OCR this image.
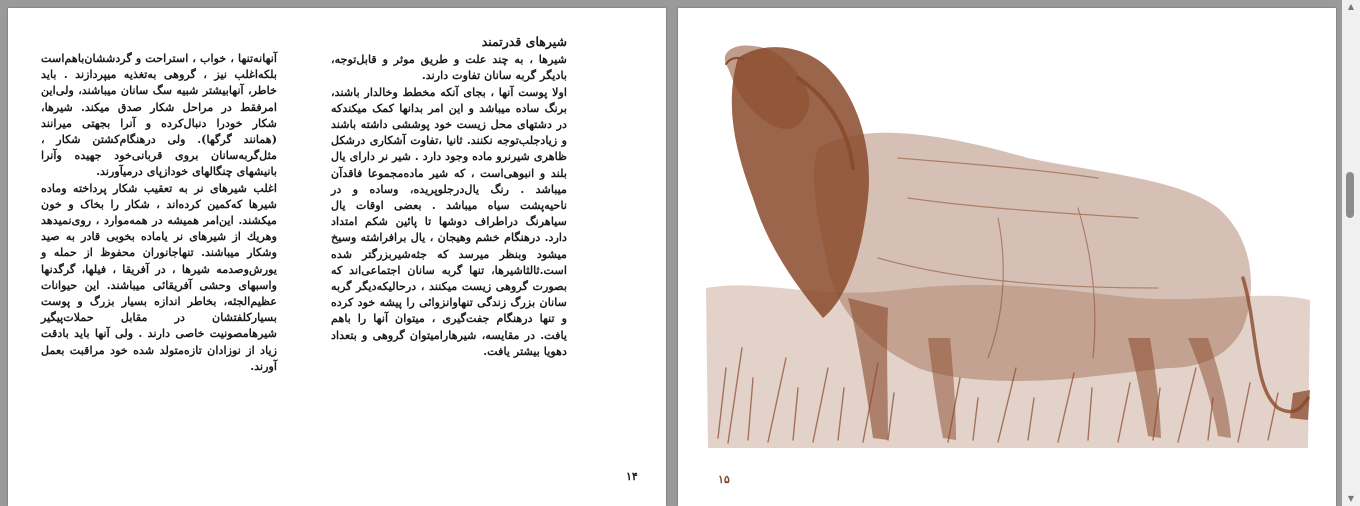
شیرهای قدرتمند

شیرها ، به چند علت و طریق موثر و قابل‌توجه، بادیگر گربه سانان تفاوت دارند.

اولا پوست آنها ، بجای آنکه مخطط وخالدار باشند، برنگ ساده میباشد و این امر بدانها کمک میکندکه در دشتهای محل زیست خود پوششی داشته باشند و زیادجلب‌توجه نکنند. ثانیا ،تفاوت آشکاری درشکل ظاهری شیرنرو ماده وجود دارد . شیر نر دارای یال بلند و انبوهی‌است ، که شیر ماده‌مجموعا فاقدآن میباشد . رنگ یال‌درجلوپریده، وساده و در ناحیه‌پشت سیاه میباشد . بعضی اوقات یال سیاهرنگ دراطراف دوشها تا پائین شکم امتداد دارد. درهنگام خشم وهیجان ، یال برافراشته وسیخ میشود وبنظر میرسد که جثه‌شیربزرگتر شده است.ثالثا‌شیرها، تنها گربه سانان اجتماعی‌اند که بصورت گروهی زیست میکنند ، درحالیکه‌دیگر گربه سانان بزرگ زندگی تنهاوانزوائی را پیشه خود کرده و تنها درهنگام جفت‌گیری ، میتوان آنها را باهم یافت. در مقایسه، شیرهارامیتوان گروهی و بتعداد دهویا بیشتر یافت.

آنهانه‌تنها ، خواب ، استراحت و گردششان‌باهم‌است بلکه‌اغلب نیز ، گروهی به‌تغذیه میپردازند . باید خاطر، آنهابیشتر شبیه سگ سانان میباشند، ولی‌این امرفقط در مراحل شکار صدق میکند. شیرها، شکار خودرا دنبال‌کرده و آنرا بجهتی میرانند (همانند گرگها). ولی درهنگام‌کشتن شکار ، مثل‌گربه‌سانان بروی قربانی‌خود جهیده وآنرا بانیشهای چنگالهای خودازپای درمیآورند.

اغلب شیرهای نر به تعقیب شکار پرداخته وماده شیرها که‌کمین کرده‌اند ، شکار را بخاک و خون میکشند. این‌امر همیشه در همه‌موارد ، روی‌نمیدهد وهریك از شیرهای نر یاماده بخوبی قادر به صید وشکار میباشند. تنهاجانوران محفوظ از حمله و یورش‌وصدمه شیرها ، در آفریقا ، فیلها، گرگدنها واسبهای وحشی آفریقائی میباشند. این حیوانات عظیم‌الجثه، بخاطر اندازه بسیار بزرگ و پوست بسیارکلفتشان در مقابل حملات‌پیگیر شیرهامصونیت خاصی دارند . ولی آنها باید بادقت زیاد از نوزادان تازه‌متولد شده خود مراقبت بعمل آورند.

۱۴	۱۵
▲
▼
